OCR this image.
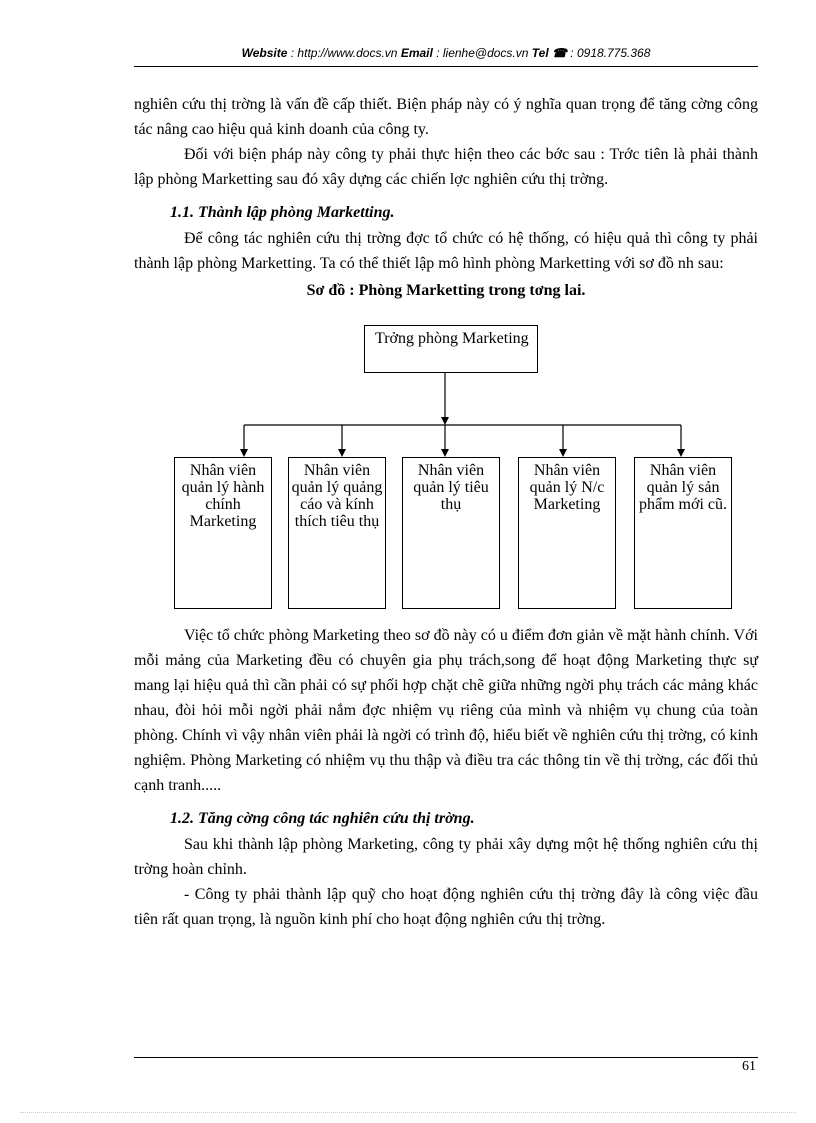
Website : http://www.docs.vn Email : lienhe@docs.vn Tel ☎ : 0918.775.368

nghiên cứu thị trờng là vấn đề cấp thiết. Biện pháp này có ý nghĩa quan trọng để tăng cờng công tác nâng cao hiệu quả kinh doanh của công ty.

Đối với biện pháp này công ty phải thực hiện theo các bớc sau : Trớc tiên là phải thành lập phòng Marketting sau đó xây dựng các chiến lợc nghiên cứu thị trờng.

1.1. Thành lập phòng Marketting.

Để công tác nghiên cứu thị trờng đợc tổ chức có hệ thống, có hiệu quả thì công ty phải thành lập phòng Marketting. Ta có thể thiết lập mô hình phòng Marketting với sơ đồ nh sau:

Sơ đồ : Phòng Marketting trong tơng lai.

Trởng phòng Marketing
Nhân viên quản lý hành chính Marketing
Nhân viên quản lý quảng cáo và kính thích tiêu thụ
Nhân viên quản lý tiêu thụ
Nhân viên quản lý N/c Marketing
Nhân viên quản lý sản phẩm mới cũ.

Việc tổ chức phòng Marketing theo sơ đồ này có u điểm đơn giản về mặt hành chính. Với mỗi mảng của Marketing đều có chuyên gia phụ trách,song để hoạt động Marketing thực sự mang lại hiệu quả thì cần phải có sự phối hợp chặt chẽ giữa những ngời phụ trách các mảng khác nhau, đòi hỏi mỗi ngời phải nắm đợc nhiệm vụ riêng của mình và nhiệm vụ chung của toàn phòng. Chính vì vậy nhân viên phải là ngời có trình độ, hiểu biết về nghiên cứu thị trờng, có kinh nghiệm. Phòng Marketing có nhiệm vụ thu thập và điều tra các thông tin về thị trờng, các đối thủ cạnh tranh.....

1.2. Tăng cờng công tác nghiên cứu thị trờng.

Sau khi thành lập phòng Marketing, công ty phải xây dựng một hệ thống nghiên cứu thị trờng hoàn chỉnh.

- Công ty phải thành lập quỹ cho hoạt động nghiên cứu thị trờng đây là công việc đầu tiên rất quan trọng, là nguồn kinh phí cho hoạt động nghiên cứu thị trờng.

61
